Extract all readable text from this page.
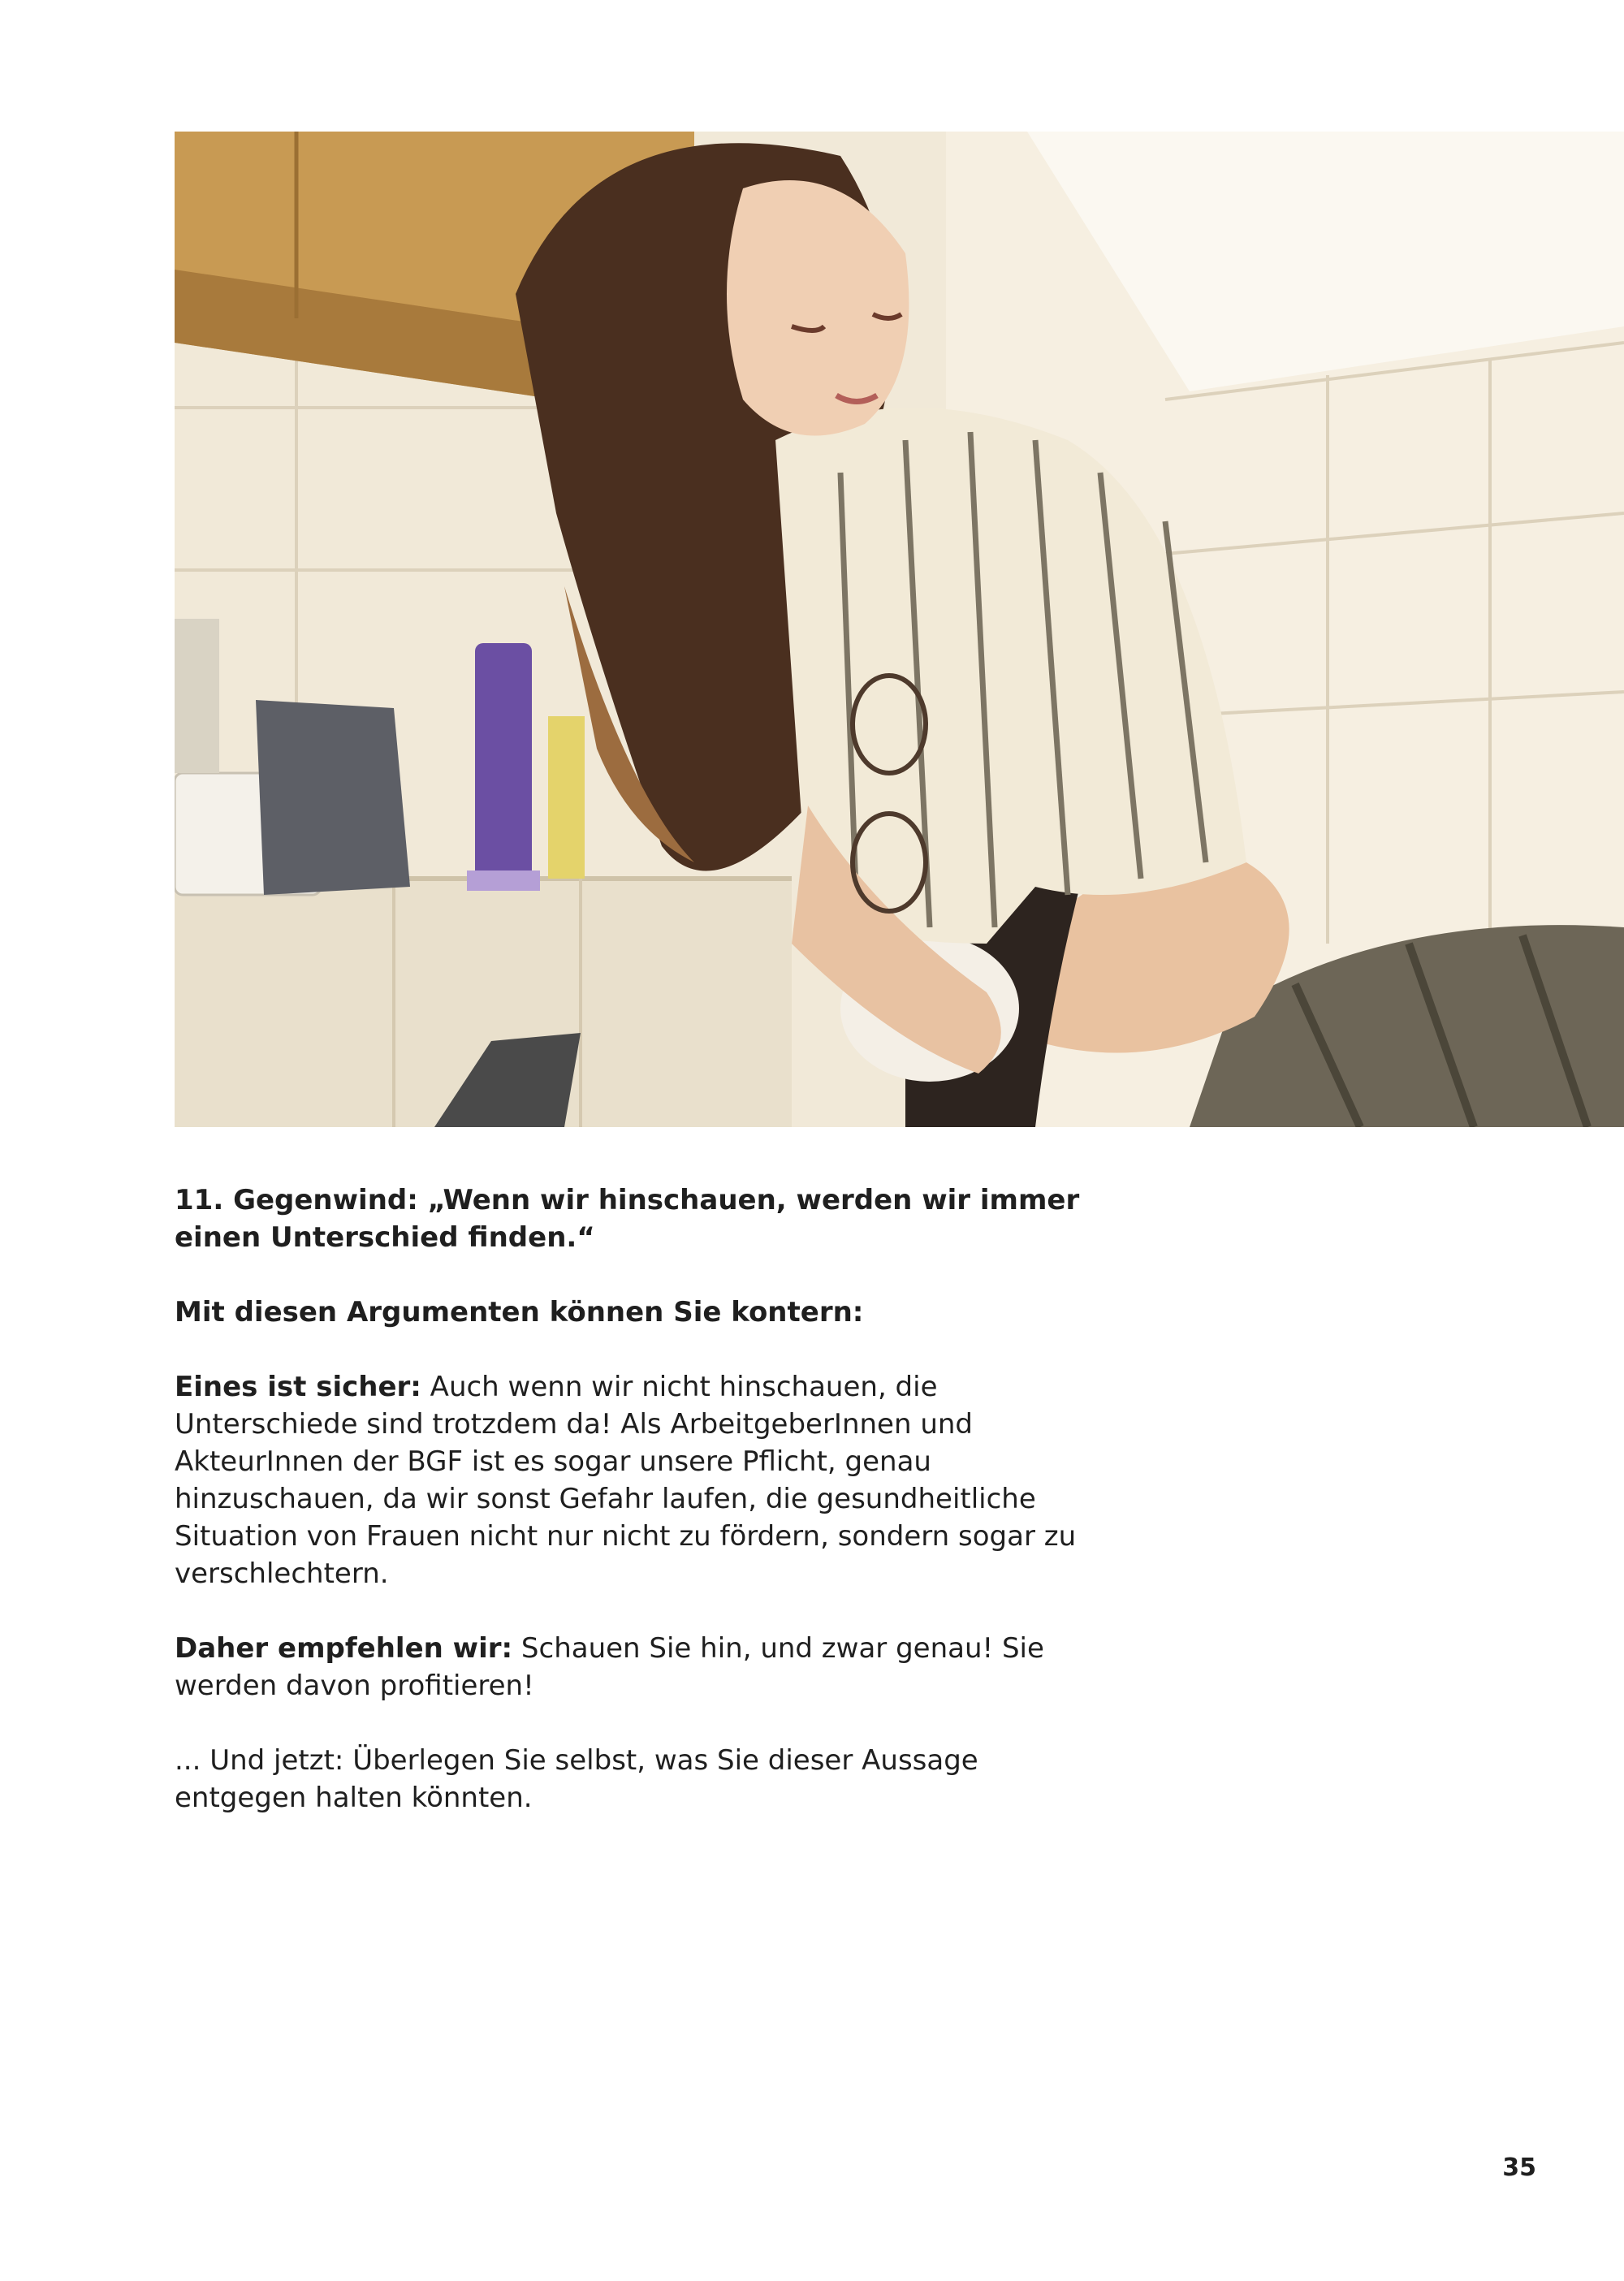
11. Gegenwind: „Wenn wir hinschauen, werden wir immer einen Unterschied finden.“

Mit diesen Argumenten können Sie kontern:

Eines ist sicher: Auch wenn wir nicht hinschauen, die Unterschiede sind trotzdem da! Als ArbeitgeberInnen und AkteurInnen der BGF ist es sogar unsere Pflicht, genau hinzuschauen, da wir sonst Gefahr laufen, die gesundheitliche Situation von Frauen nicht nur nicht zu fördern, sondern sogar zu verschlechtern.

Daher empfehlen wir: Schauen Sie hin, und zwar genau! Sie werden davon profitieren!

... Und jetzt: Überlegen Sie selbst, was Sie dieser Aussage entgegen halten könnten.

35
